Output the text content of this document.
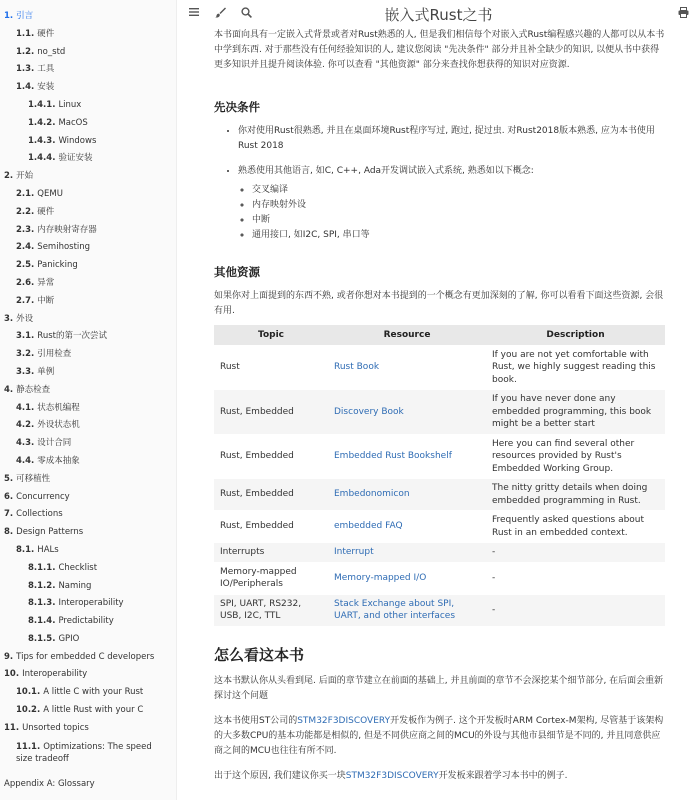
1. 引言
1.1. 硬件
1.2. no_std
1.3. 工具
1.4. 安装
1.4.1. Linux
1.4.2. MacOS
1.4.3. Windows
1.4.4. 验证安装
2. 开始
2.1. QEMU
2.2. 硬件
2.3. 内存映射寄存器
2.4. Semihosting
2.5. Panicking
2.6. 异常
2.7. 中断
3. 外设
3.1. Rust的第一次尝试
3.2. 引用检查
3.3. 单例
4. 静态检查
4.1. 状态机编程
4.2. 外设状态机
4.3. 设计合同
4.4. 零成本抽象
5. 可移植性
6. Concurrency
7. Collections
8. Design Patterns
8.1. HALs
8.1.1. Checklist
8.1.2. Naming
8.1.3. Interoperability
8.1.4. Predictability
8.1.5. GPIO
9. Tips for embedded C developers
10. Interoperability
10.1. A little C with your Rust
10.2. A little Rust with your C
11. Unsorted topics
11.1. Optimizations: The speed size tradeoff
Appendix A: Glossary
嵌入式Rust之书

本书面向具有一定嵌入式背景或者对Rust熟悉的人, 但是我们相信每个对嵌入式Rust编程感兴趣的人都可以从本书中学到东西. 对于那些没有任何经验知识的人, 建议您阅读 "先决条件" 部分并且补全缺少的知识, 以便从书中获得更多知识并且提升阅读体验. 你可以查看 "其他资源" 部分来查找你想获得的知识对应资源.

先决条件
• 你对使用Rust很熟悉, 并且在桌面环境Rust程序写过, 跑过, 捉过虫. 对Rust2018版本熟悉, 应为本书使用Rust 2018
• 熟悉使用其他语言, 如C, C++, Ada开发调试嵌入式系统, 熟悉如以下概念:
◦ 交叉编译
◦ 内存映射外设
◦ 中断
◦ 通用接口, 如I2C, SPI, 串口等
其他资源

如果你对上面提到的东西不熟, 或者你想对本书提到的一个概念有更加深刻的了解, 你可以看看下面这些资源, 会很有用.

Topic	Resource	Description
Rust	Rust Book	If you are not yet comfortable with Rust, we highly suggest reading this book.
Rust, Embedded	Discovery Book	If you have never done any embedded programming, this book might be a better start
Rust, Embedded	Embedded Rust Bookshelf	Here you can find several other resources provided by Rust's Embedded Working Group.
Rust, Embedded	Embedonomicon	The nitty gritty details when doing embedded programming in Rust.
Rust, Embedded	embedded FAQ	Frequently asked questions about Rust in an embedded context.
Interrupts	Interrupt	-
Memory-mapped IO/Peripherals	Memory-mapped I/O	-
SPI, UART, RS232, USB, I2C, TTL	Stack Exchange about SPI, UART, and other interfaces	-
怎么看这本书

这本书默认你从头看到尾. 后面的章节建立在前面的基础上, 并且前面的章节不会深挖某个细节部分, 在后面会重新探讨这个问题

这本书使用ST公司的STM32F3DISCOVERY开发板作为例子. 这个开发板时ARM Cortex-M架构, 尽管基于该架构的大多数CPU的基本功能都是相似的, 但是不同供应商之间的MCU的外设与其他市县细节是不同的, 并且同意供应商之间的MCU也往往有所不同.

出于这个原因, 我们建议你买一块STM32F3DISCOVERY开发板来跟着学习本书中的例子.
